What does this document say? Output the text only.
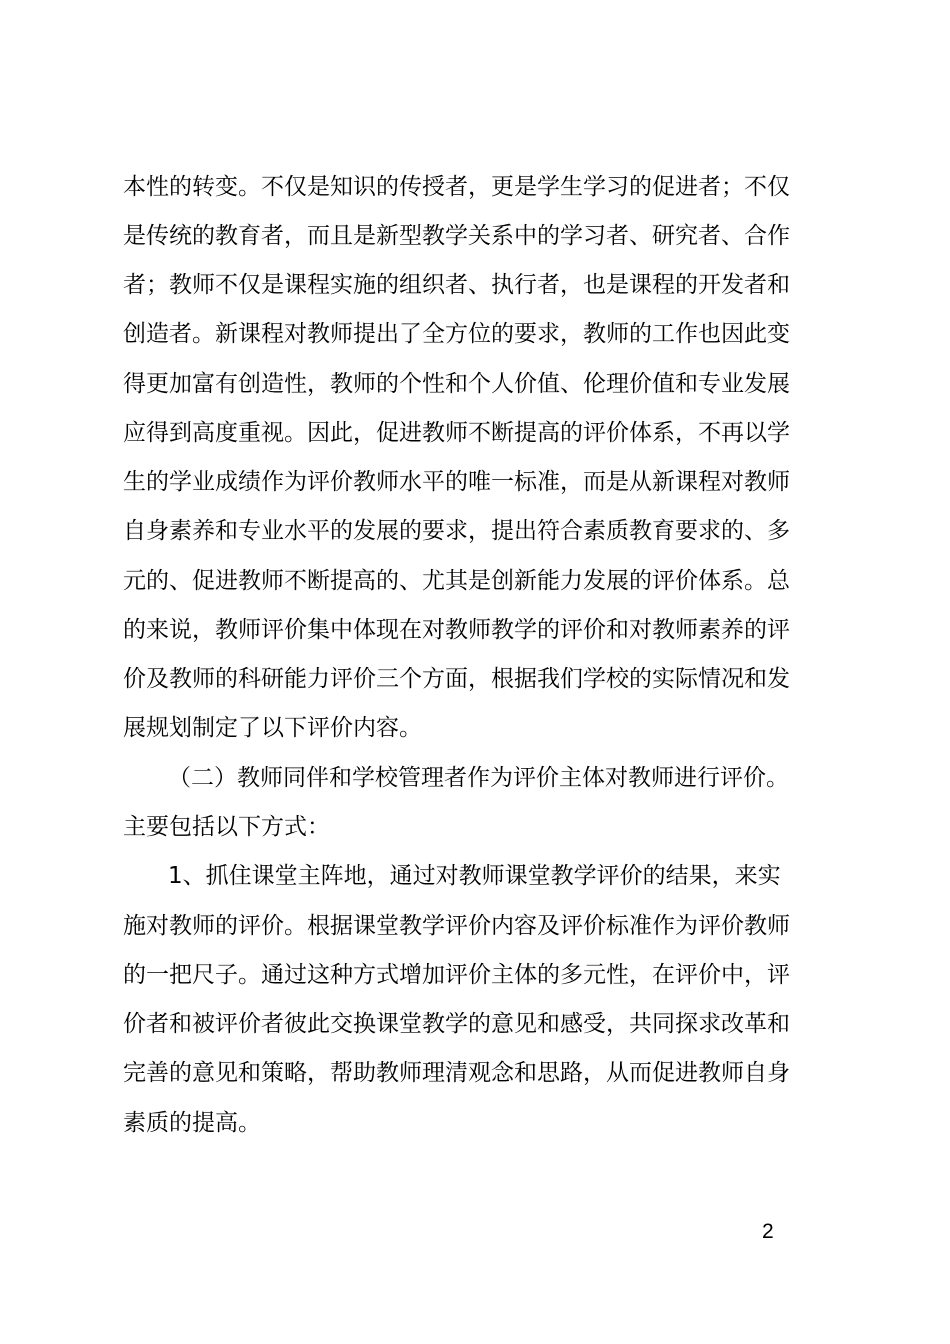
本性的转变。不仅是知识的传授者，更是学生学习的促进者；不仅
是传统的教育者，而且是新型教学关系中的学习者、研究者、合作
者；教师不仅是课程实施的组织者、执行者，也是课程的开发者和
创造者。新课程对教师提出了全方位的要求，教师的工作也因此变
得更加富有创造性，教师的个性和个人价值、伦理价值和专业发展
应得到高度重视。因此，促进教师不断提高的评价体系，不再以学
生的学业成绩作为评价教师水平的唯一标准，而是从新课程对教师
自身素养和专业水平的发展的要求，提出符合素质教育要求的、多
元的、促进教师不断提高的、尤其是创新能力发展的评价体系。总
的来说，教师评价集中体现在对教师教学的评价和对教师素养的评
价及教师的科研能力评价三个方面，根据我们学校的实际情况和发
展规划制定了以下评价内容。
（二）教师同伴和学校管理者作为评价主体对教师进行评价。
主要包括以下方式：
1、抓住课堂主阵地，通过对教师课堂教学评价的结果，来实
施对教师的评价。根据课堂教学评价内容及评价标准作为评价教师
的一把尺子。通过这种方式增加评价主体的多元性，在评价中，评
价者和被评价者彼此交换课堂教学的意见和感受，共同探求改革和
完善的意见和策略，帮助教师理清观念和思路，从而促进教师自身
素质的提高。
2
